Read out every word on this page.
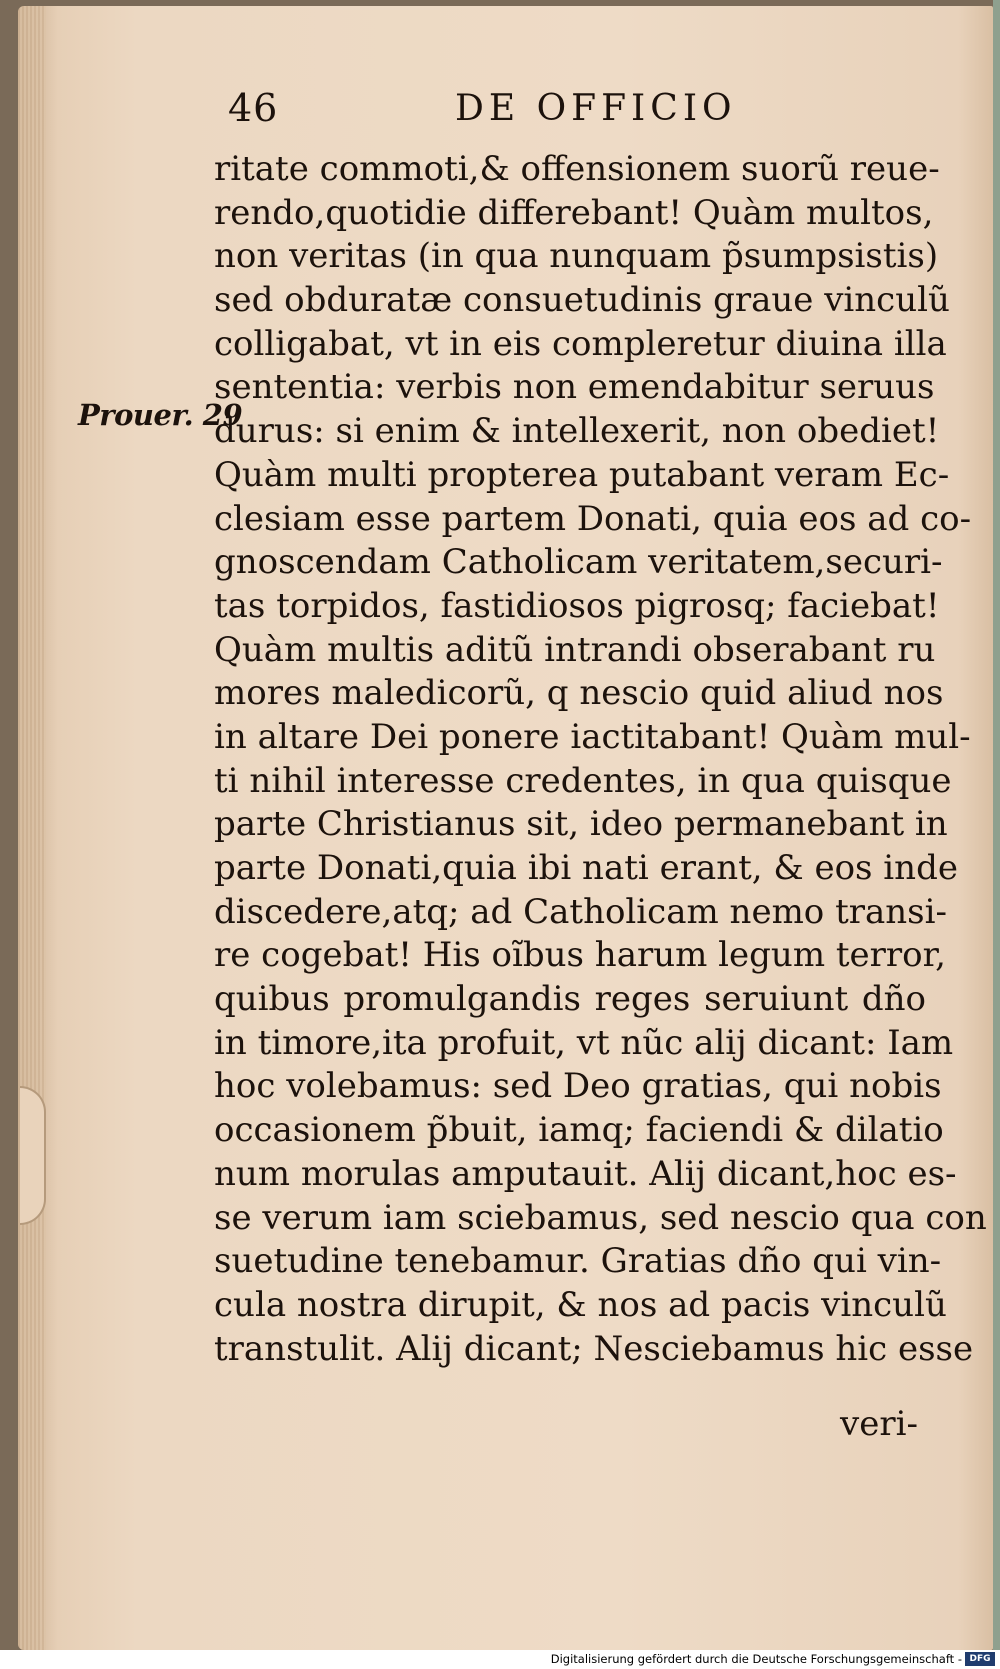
46	DE OFFICIO
Prouer. 29
ritate commoti,& offensionem suorũ reue-
rendo,quotidie differebant! Quàm multos,
non veritas (in qua nunquam p̃sumpsistis)
sed obduratæ consuetudinis graue vinculũ
colligabat, vt in eis compleretur diuina illa
sententia: verbis non emendabitur seruus
durus: si enim & intellexerit, non obediet!
Quàm multi propterea putabant veram Ec-
clesiam esse partem Donati, quia eos ad co-
gnoscendam Catholicam veritatem,securi-
tas torpidos, fastidiosos pigrosq; faciebat!
Quàm multis aditũ intrandi obserabant ru
mores maledicorũ, q nescio quid aliud nos
in altare Dei ponere iactitabant! Quàm mul-
ti nihil interesse credentes, in qua quisque
parte Christianus sit, ideo permanebant in
parte Donati,quia ibi nati erant, & eos inde
discedere,atq; ad Catholicam nemo transi-
re cogebat! His oĩbus harum legum terror,
quibus promulgandis reges seruiunt dño
in timore,ita profuit, vt nũc alij dicant: Iam
hoc volebamus: sed Deo gratias, qui nobis
occasionem p̃buit, iamq; faciendi & dilatio
num morulas amputauit. Alij dicant,hoc es-
se verum iam sciebamus, sed nescio qua con
suetudine tenebamur. Gratias dño qui vin-
cula nostra dirupit, & nos ad pacis vinculũ
transtulit. Alij dicant; Nesciebamus hic esse
veri-
Digitalisierung gefördert durch die Deutsche Forschungsgemeinschaft - DFG
